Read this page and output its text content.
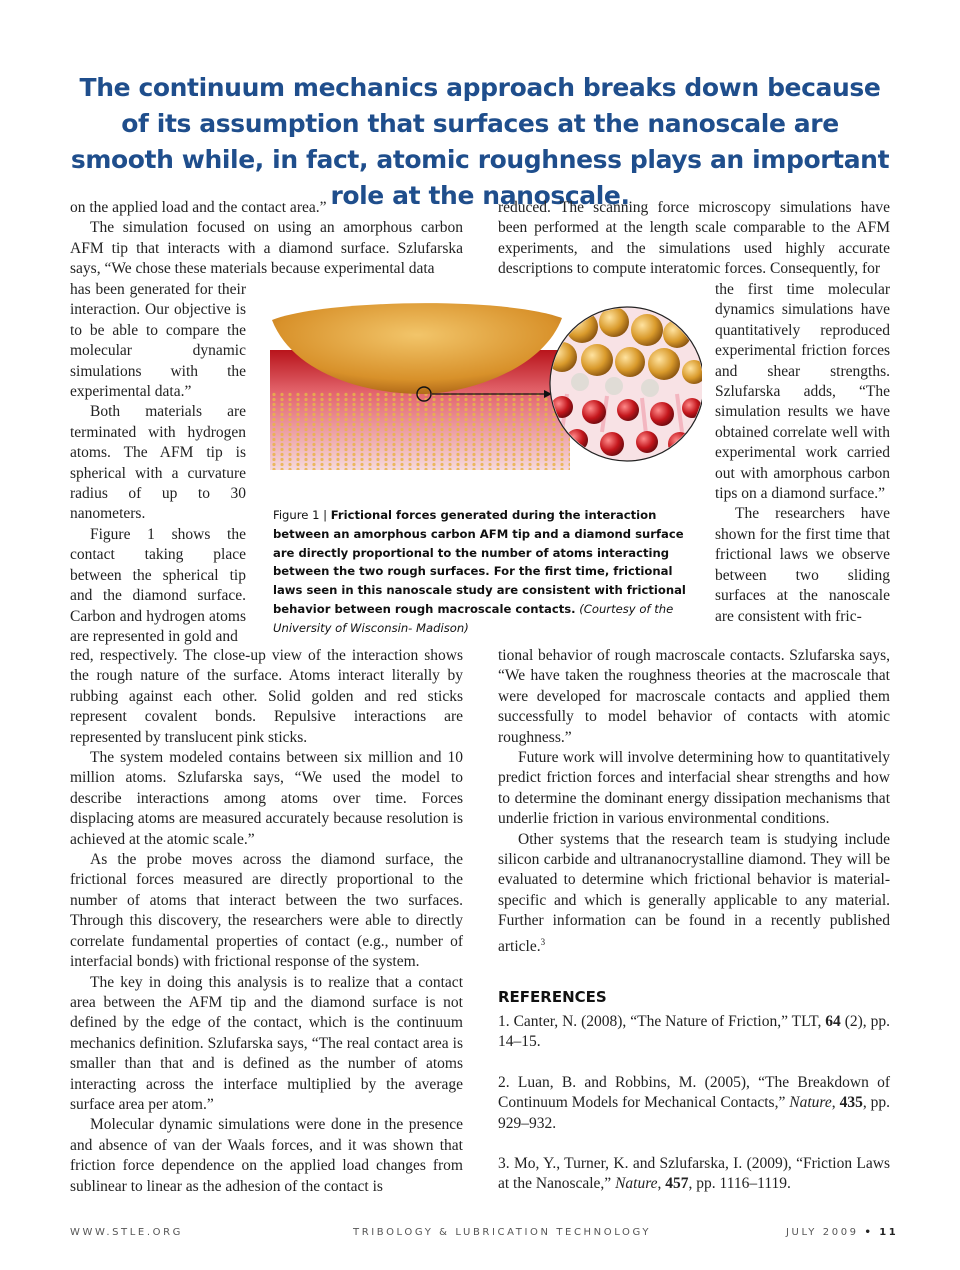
The continuum mechanics approach breaks down because of its assumption that surfaces at the nanoscale are smooth while, in fact, atomic roughness plays an important role at the nanoscale.

on the applied load and the contact area.”

The simulation focused on using an amorphous carbon AFM tip that interacts with a diamond surface. Szlufarska says, “We chose these materials because experimental data

has been generated for their interaction. Our objective is to be able to compare the molecular dynamic simulations with the experimental data.”

Both materials are terminated with hydrogen atoms. The AFM tip is spherical with a curvature radius of up to 30 nanometers.

Figure 1 shows the contact taking place between the spherical tip and the diamond surface. Carbon and hydrogen atoms are represented in gold and

red, respectively. The close-up view of the interaction shows the rough nature of the surface. Atoms interact literally by rubbing against each other. Solid golden and red sticks represent covalent bonds. Repulsive interactions are represented by translucent pink sticks.

The system modeled contains between six million and 10 million atoms. Szlufarska says, “We used the model to describe interactions among atoms over time. Forces displacing atoms are measured accurately because resolution is achieved at the atomic scale.”

As the probe moves across the diamond surface, the frictional forces measured are directly proportional to the number of atoms that interact between the two surfaces. Through this discovery, the researchers were able to directly correlate fundamental properties of contact (e.g., number of interfacial bonds) with frictional response of the system.

The key in doing this analysis is to realize that a contact area between the AFM tip and the diamond surface is not defined by the edge of the contact, which is the continuum mechanics definition. Szlufarska says, “The real contact area is smaller than that and is defined as the number of atoms interacting across the interface multiplied by the average surface area per atom.”

Molecular dynamic simulations were done in the presence and absence of van der Waals forces, and it was shown that friction force dependence on the applied load changes from sublinear to linear as the adhesion of the contact is

reduced. The scanning force microscopy simulations have been performed at the length scale comparable to the AFM experiments, and the simulations used highly accurate descriptions to compute interatomic forces. Consequently, for

the first time molecular dynamics simulations have quantitatively reproduced experimental friction forces and shear strengths. Szlufarska adds, “The simulation results we have obtained correlate well with experimental work carried out with amorphous carbon tips on a diamond surface.”

The researchers have shown for the first time that frictional laws we observe between two sliding surfaces at the nanoscale are consistent with fric-

tional behavior of rough macroscale contacts. Szlufarska says, “We have taken the roughness theories at the macroscale that were developed for macroscale contacts and applied them successfully to model behavior of contacts with atomic roughness.”

Future work will involve determining how to quantitatively predict friction forces and interfacial shear strengths and how to determine the dominant energy dissipation mechanisms that underlie friction in various environmental conditions.

Other systems that the research team is studying include silicon carbide and ultrananocrystalline diamond. They will be evaluated to determine which frictional behavior is material-specific and which is generally applicable to any material. Further information can be found in a recently published article.$^3$

Figure 1 | Frictional forces generated during the interaction between an amorphous carbon AFM tip and a diamond surface are directly proportional to the number of atoms interacting between the two rough surfaces. For the first time, frictional laws seen in this nanoscale study are consistent with frictional behavior between rough macroscale contacts. (Courtesy of the University of Wisconsin- Madison)
REFERENCES

1. Canter, N. (2008), “The Nature of Friction,” TLT, 64 (2), pp. 14–15.

2. Luan, B. and Robbins, M. (2005), “The Breakdown of Continuum Models for Mechanical Contacts,” Nature, 435, pp. 929–932.

3. Mo, Y., Turner, K. and Szlufarska, I. (2009), “Friction Laws at the Nanoscale,” Nature, 457, pp. 1116–1119.

WWW.STLE.ORG	TRIBOLOGY & LUBRICATION TECHNOLOGY	JULY 2009 • 11
